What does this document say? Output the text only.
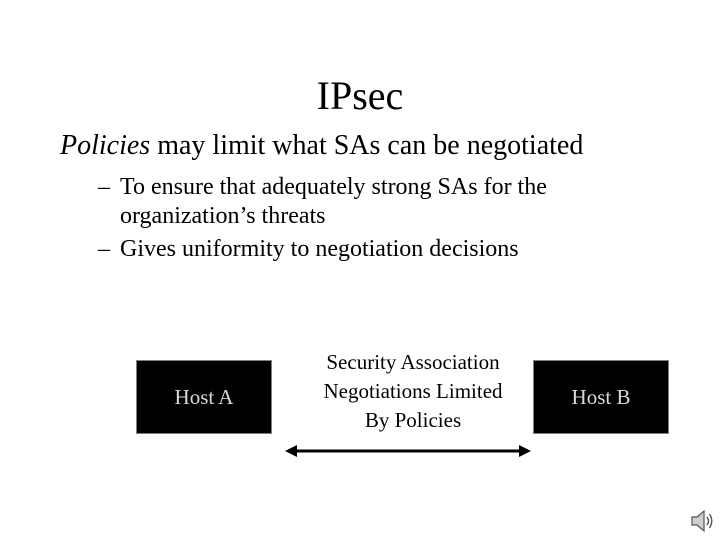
IPsec
Policies may limit what SAs can be negotiated
– To ensure that adequately strong SAs for the
organization’s threats
– Gives uniformity to negotiation decisions
Host A
Security Association
Negotiations Limited
By Policies
Host B
